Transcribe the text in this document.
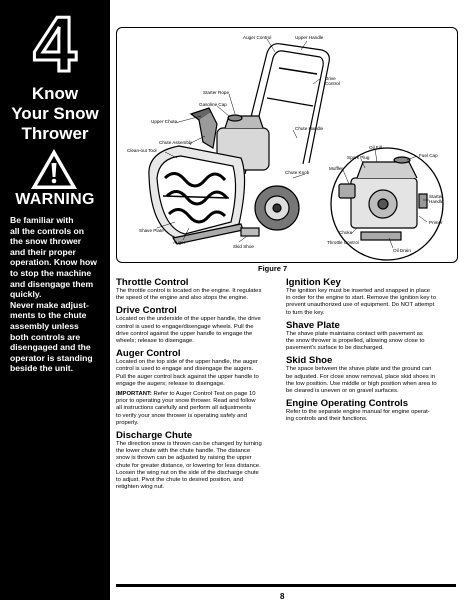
4
Know
Your Snow
Thrower
WARNING
Be familiar with
all the controls on
the snow thrower
and their proper
operation. Know how
to stop the machine
and disengage them
quickly.
Never make adjust-
ments to the chute
assembly unless
both controls are
disengaged and the
operator is standing
beside the unit.
Auger Control	Upper Handle
Drive
Control
Starter Rope
Gasoline Cap
Upper Chute
Chute Assembly
Clean-out Tool
Chute Handle
Chute Knob
Shave Plate
Auger
Skid Shoe
Oil Fill
Spark Plug	Fuel Cap
Muffler
Starter
Handle
Primer
Choke
Throttle Control
Oil Drain
Figure 7
Throttle Control

The throttle control is located on the engine. It regulates
the speed of the engine and also stops the engine.

Drive Control

Located on the underside of the upper handle, the drive
control is used to engage/disengage wheels. Pull the
drive control against the upper handle to engage the
wheels; release to disengage.

Auger Control

Located on the top side of the upper handle, the auger
control is used to engage and disengage the augers.
Pull the auger control back against the upper handle to
engage the augers; release to disengage.

IMPORTANT: Refer to Auger Control Test on page 10
prior to operating your snow thrower. Read and follow
all instructions carefully and perform all adjustments
to verify your snow thrower is operating safely and
properly.

Discharge Chute

The direction snow is thrown can be changed by turning
the lower chute with the chute handle. The distance
snow is thrown can be adjusted by raising the upper
chute for greater distance, or lowering for less distance.
Loosen the wing nut on the side of the discharge chute
to adjust. Pivot the chute to desired position, and
retighten wing nut.

Ignition Key

The ignition key must be inserted and snapped in place
in order for the engine to start. Remove the ignition key to
prevent unauthorized use of equipment. Do NOT attempt
to turn the key.

Shave Plate

The shave plate maintains contact with pavement as
the snow thrower is propelled, allowing snow close to
pavement's surface to be discharged.

Skid Shoe

The space between the shave plate and the ground can
be adjusted. For close snow removal, place skid shoes in
the low position. Use middle or high position when area to
be cleared is uneven or on gravel surfaces.

Engine Operating Controls

Refer to the separate engine manual for engine operat-
ing controls and their functions.

8
